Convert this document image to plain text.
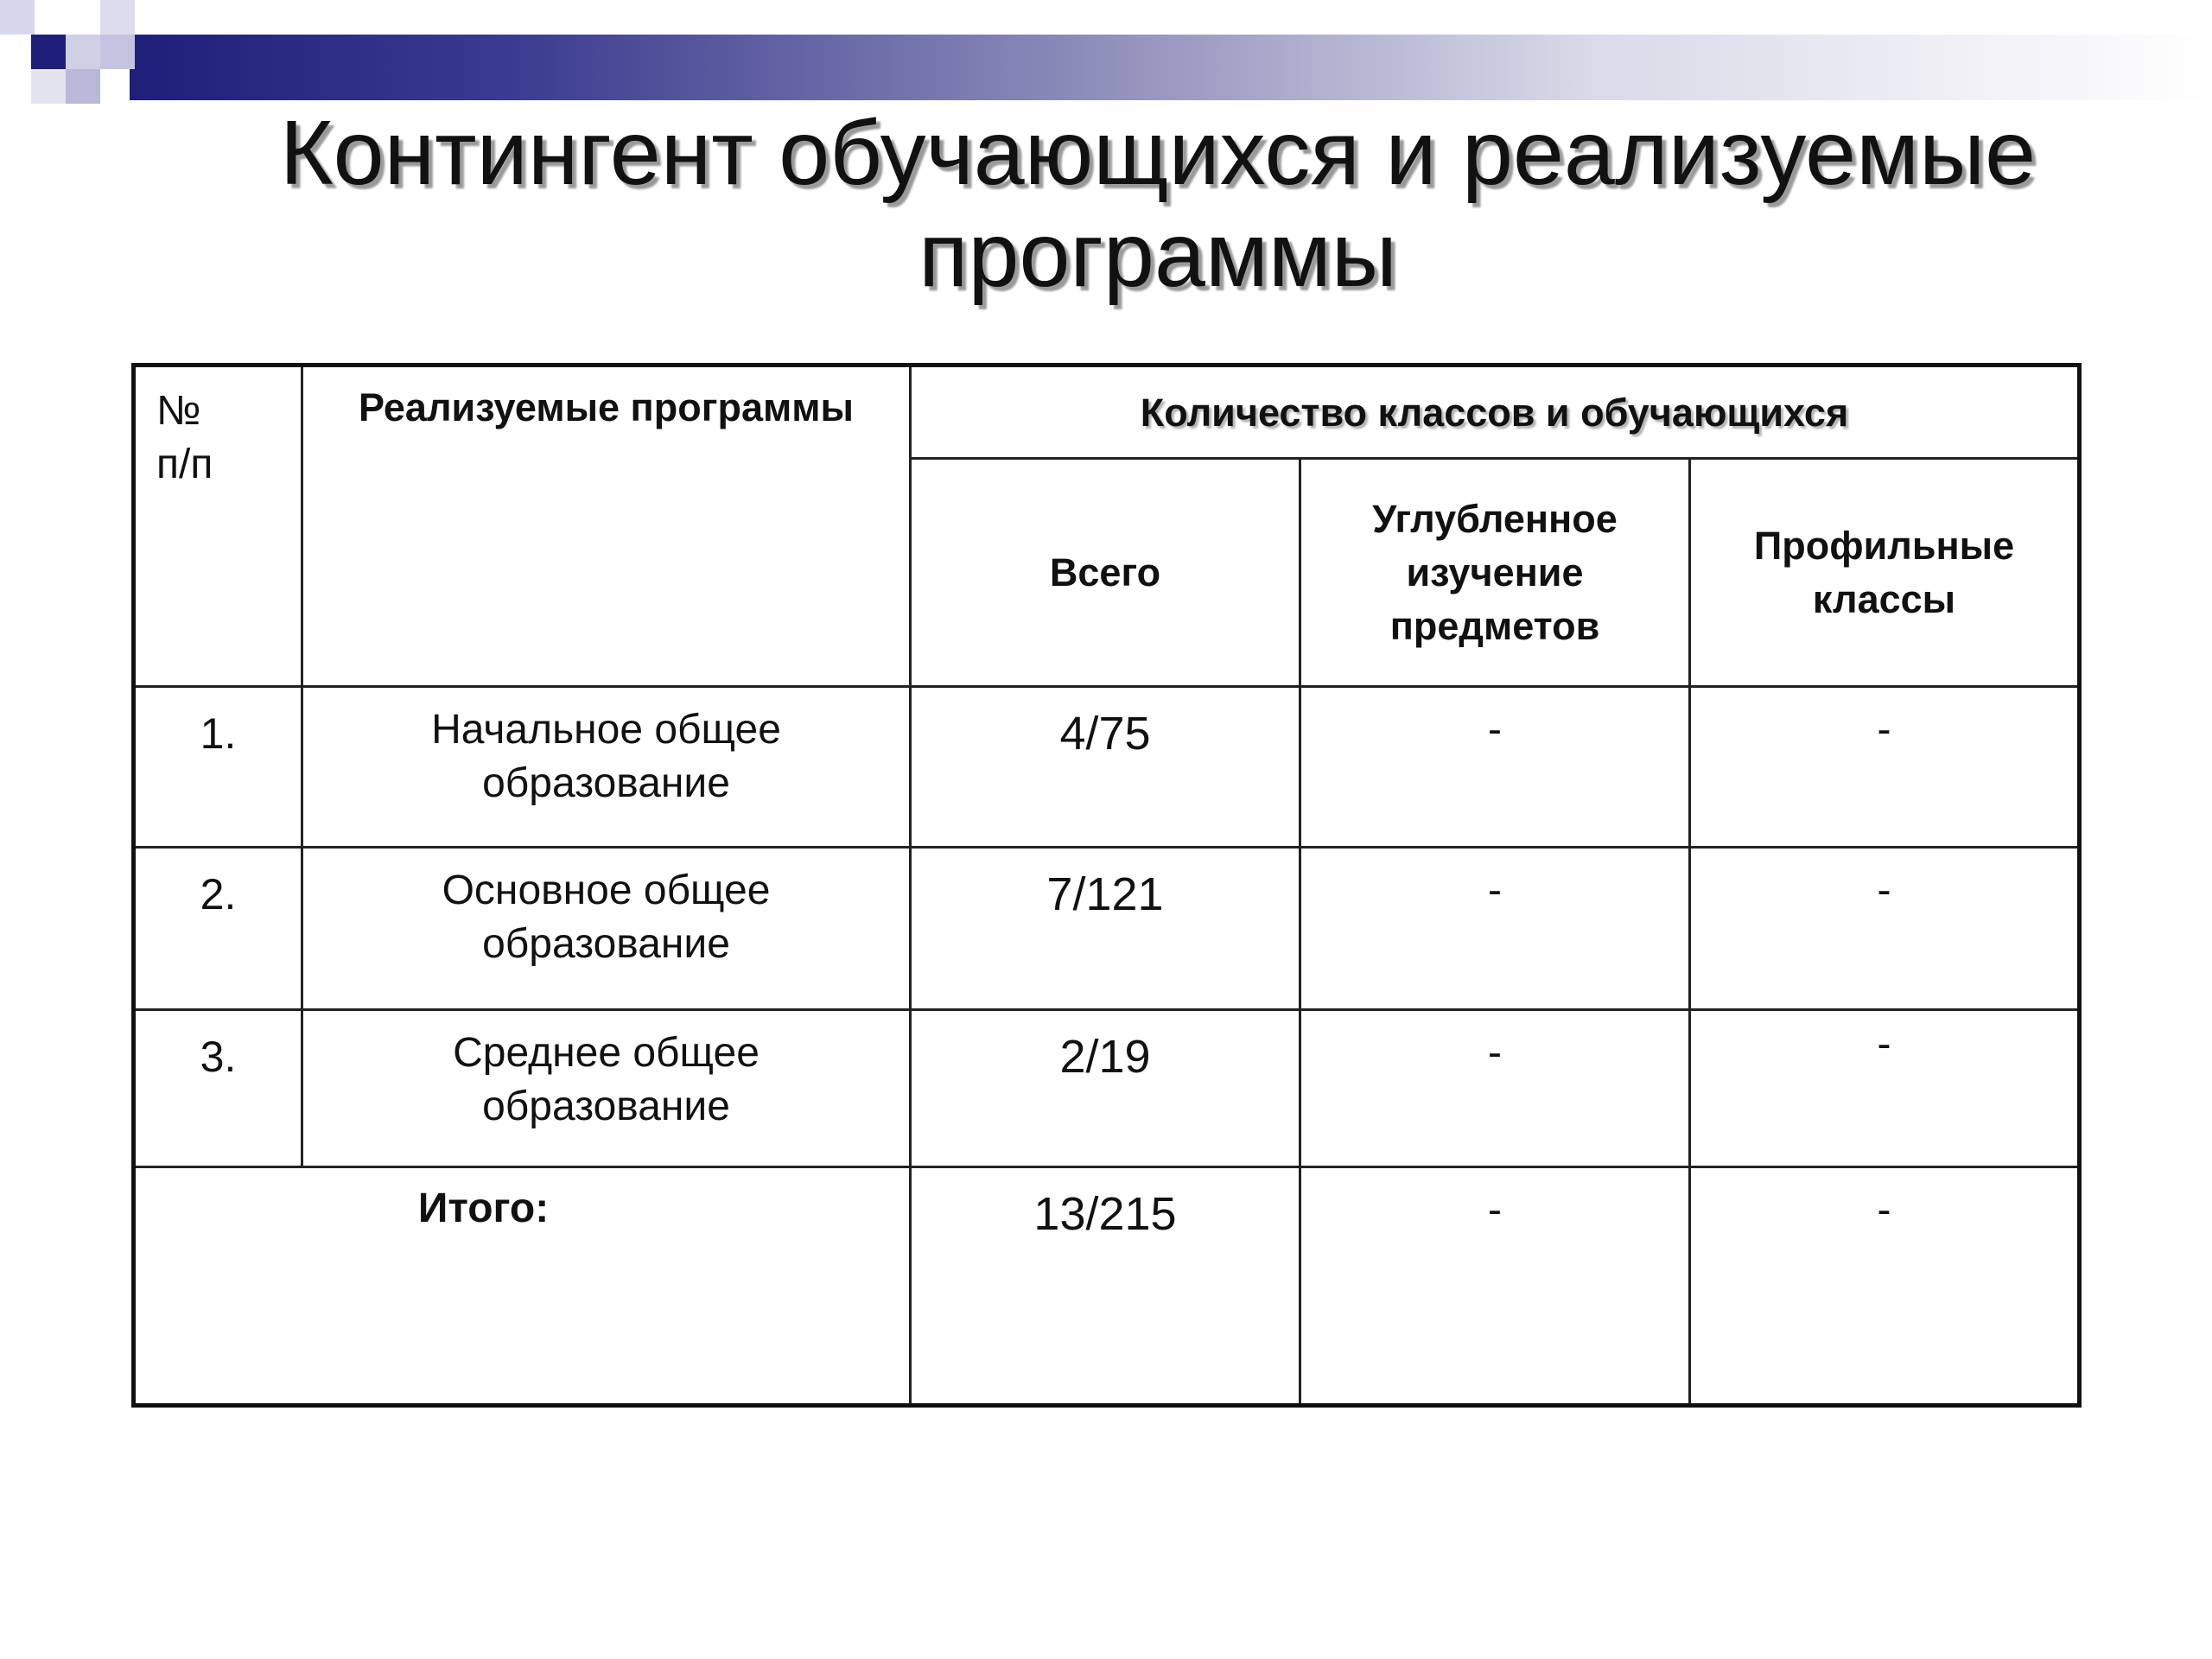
Контингент обучающихся и реализуемые программы
№ п/п	Реализуемые программы	Количество классов и обучающихся		
		Всего	Углубленное изучение предметов	Профильные классы

1.	Начальное общее образование	4/75	-	-
2.	Основное общее образование	7/121	-	-
3.	Среднее общее образование	2/19	-	-
Итого:		13/215	-	-
